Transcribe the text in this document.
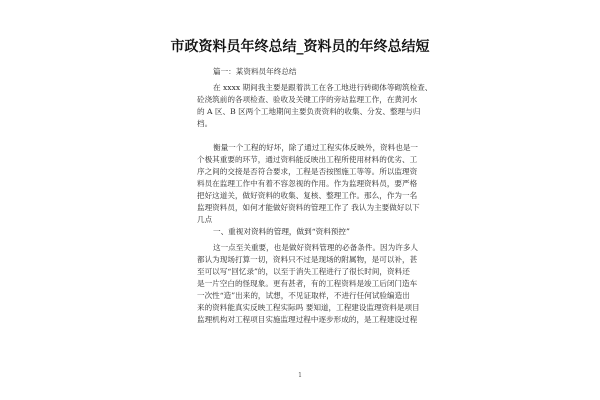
市政资料员年终总结_资料员的年终总结短
篇一：某资料员年终总结
在 xxxx 期间我主要是跟着洪工在各工地进行砖砌体等砌筑检查、
砼浇筑前的各项检查、验收及关键工序的旁站监理工作，在黄河水
的 A 区、B 区两个工地期间主要负责资料的收集、分发、整理与归
档。
衡量一个工程的好坏，除了通过工程实体反映外，资料也是一
个极其重要的环节，通过资料能反映出工程所使用材料的优劣、工
序之间的交接是否符合要求，工程是否按图施工等等。所以监理资
料员在监理工作中有着不容忽视的作用。作为监理资料员，要严格
把好这道关，做好资料的收集、复核、整理工作。那么，作为一名
监理资料员，如何才能做好资料的管理工作了 我认为主要做好以下
几点
一、重视对资料的管理，做到“资料预控”
这一点至关重要，也是做好资料管理的必备条件。因为许多人
都认为现场打算一切，资料只不过是现场的附属物，是可以补，甚
至可以写“回忆录”的，以至于消失工程进行了很长时间，资料还
是一片空白的怪现象。更有甚者，有的工程资料是竣工后闭门造车
一次性“造”出来的，试想，不见证取样，不进行任何试验编造出
来的资料能真实反映工程实际吗 要知道，工程建设监理资料是项目
监理机构对工程项目实施监理过程中逐步形成的，是工程建设过程
1
